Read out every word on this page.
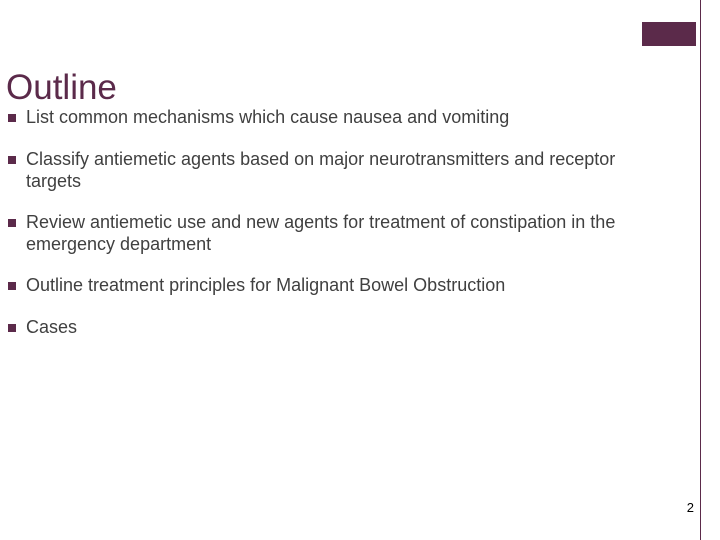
Outline
List common mechanisms which cause nausea and vomiting
Classify antiemetic agents based on major neurotransmitters and receptor targets
Review antiemetic use and new agents for treatment of constipation in the emergency department
Outline treatment principles for Malignant Bowel Obstruction
Cases
2
